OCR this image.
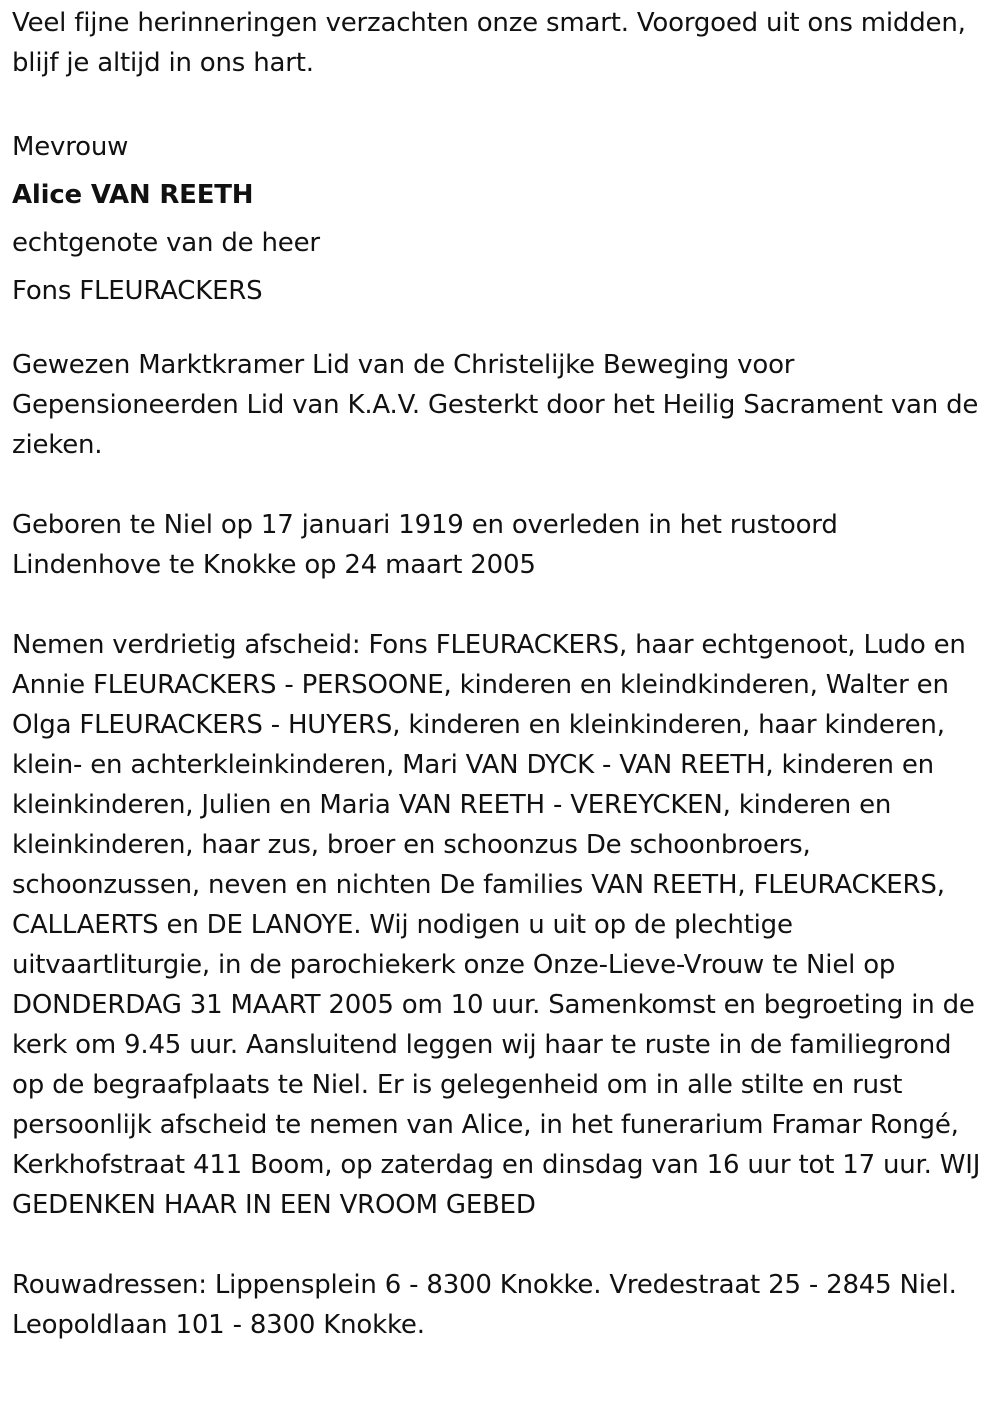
Veel fijne herinneringen verzachten onze smart. Voorgoed uit ons midden, blijf je altijd in ons hart.

Mevrouw

Alice VAN REETH

echtgenote van de heer

Fons FLEURACKERS

Gewezen Marktkramer Lid van de Christelijke Beweging voor Gepensioneerden Lid van K.A.V. Gesterkt door het Heilig Sacrament van de zieken.

Geboren te Niel op 17 januari 1919 en overleden in het rustoord Lindenhove te Knokke op 24 maart 2005

Nemen verdrietig afscheid: Fons FLEURACKERS, haar echtgenoot, Ludo en Annie FLEURACKERS - PERSOONE, kinderen en kleindkinderen, Walter en Olga FLEURACKERS - HUYERS, kinderen en kleinkinderen, haar kinderen, klein- en achterkleinkinderen, Mari VAN DYCK - VAN REETH, kinderen en kleinkinderen, Julien en Maria VAN REETH - VEREYCKEN, kinderen en kleinkinderen, haar zus, broer en schoonzus De schoonbroers, schoonzussen, neven en nichten De families VAN REETH, FLEURACKERS, CALLAERTS en DE LANOYE. Wij nodigen u uit op de plechtige uitvaartliturgie, in de parochiekerk onze Onze-Lieve-Vrouw te Niel op DONDERDAG 31 MAART 2005 om 10 uur. Samenkomst en begroeting in de kerk om 9.45 uur. Aansluitend leggen wij haar te ruste in de familiegrond op de begraafplaats te Niel. Er is gelegenheid om in alle stilte en rust persoonlijk afscheid te nemen van Alice, in het funerarium Framar Rongé, Kerkhofstraat 411 Boom, op zaterdag en dinsdag van 16 uur tot 17 uur. WIJ GEDENKEN HAAR IN EEN VROOM GEBED

Rouwadressen: Lippensplein 6 - 8300 Knokke. Vredestraat 25 - 2845 Niel. Leopoldlaan 101 - 8300 Knokke.
